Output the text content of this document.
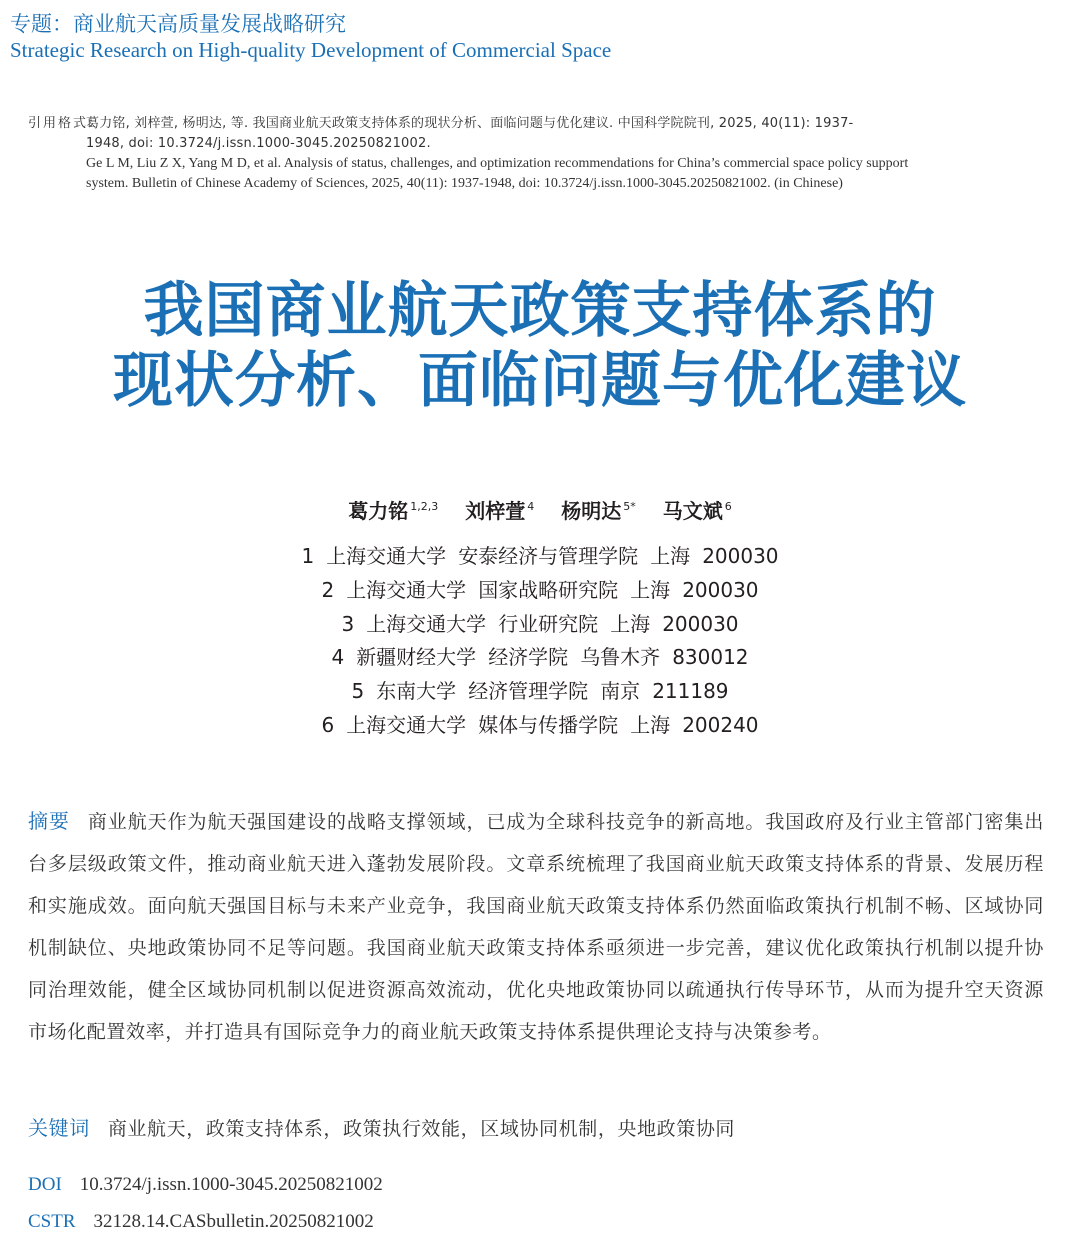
专题：商业航天高质量发展战略研究
Strategic Research on High-quality Development of Commercial Space
引用格式：
葛力铭, 刘梓萱, 杨明达, 等. 我国商业航天政策支持体系的现状分析、面临问题与优化建议. 中国科学院院刊, 2025, 40(11): 1937-
1948, doi: 10.3724/j.issn.1000-3045.20250821002.
Ge L M, Liu Z X, Yang M D, et al. Analysis of status, challenges, and optimization recommendations for China’s commercial space policy support
system. Bulletin of Chinese Academy of Sciences, 2025, 40(11): 1937-1948, doi: 10.3724/j.issn.1000-3045.20250821002. (in Chinese)
我国商业航天政策支持体系的
现状分析、面临问题与优化建议
葛力铭 $^{1,2,3}$ 刘梓萱 $^4$ 杨明达 $^{5*}$ 马文斌 $^6$
1 上海交通大学 安泰经济与管理学院 上海 200030
2 上海交通大学 国家战略研究院 上海 200030
3 上海交通大学 行业研究院 上海 200030
4 新疆财经大学 经济学院 乌鲁木齐 830012
5 东南大学 经济管理学院 南京 211189
6 上海交通大学 媒体与传播学院 上海 200240
摘要 商业航天作为航天强国建设的战略支撑领域，已成为全球科技竞争的新高地。我国政府及行业主管部门密集出台多层级政策文件，推动商业航天进入蓬勃发展阶段。文章系统梳理了我国商业航天政策支持体系的背景、发展历程和实施成效。面向航天强国目标与未来产业竞争，我国商业航天政策支持体系仍然面临政策执行机制不畅、区域协同机制缺位、央地政策协同不足等问题。我国商业航天政策支持体系亟须进一步完善，建议优化政策执行机制以提升协同治理效能，健全区域协同机制以促进资源高效流动，优化央地政策协同以疏通执行传导环节，从而为提升空天资源市场化配置效率，并打造具有国际竞争力的商业航天政策支持体系提供理论支持与决策参考。
关键词 商业航天，政策支持体系，政策执行效能，区域协同机制，央地政策协同
DOI 10.3724/j.issn.1000-3045.20250821002
CSTR 32128.14.CASbulletin.20250821002
